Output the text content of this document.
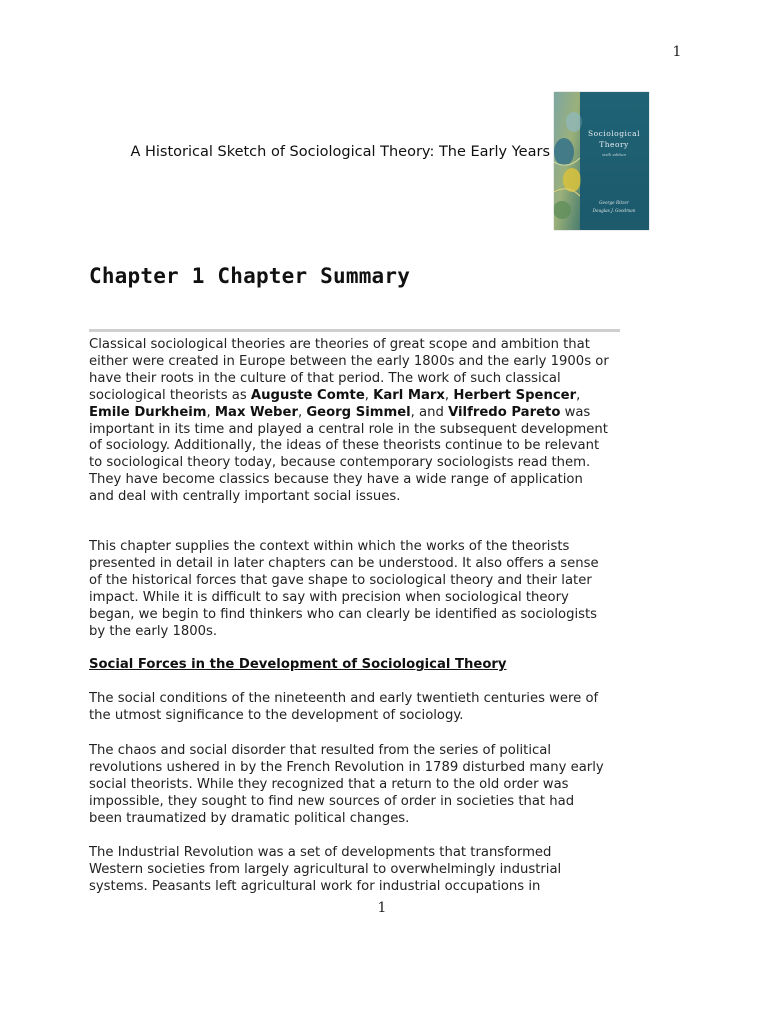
1
A Historical Sketch of Sociological Theory: The Early Years
Sociological
Theory
sixth edition
George Ritzer
Douglas J. Goodman
Chapter 1 Chapter Summary

Classical sociological theories are theories of great scope and ambition that either were created in Europe between the early 1800s and the early 1900s or have their roots in the culture of that period. The work of such classical sociological theorists as Auguste Comte, Karl Marx, Herbert Spencer, Emile Durkheim, Max Weber, Georg Simmel, and Vilfredo Pareto was important in its time and played a central role in the subsequent development of sociology. Additionally, the ideas of these theorists continue to be relevant to sociological theory today, because contemporary sociologists read them. They have become classics because they have a wide range of application and deal with centrally important social issues.

This chapter supplies the context within which the works of the theorists presented in detail in later chapters can be understood. It also offers a sense of the historical forces that gave shape to sociological theory and their later impact. While it is difficult to say with precision when sociological theory began, we begin to find thinkers who can clearly be identified as sociologists by the early 1800s.

Social Forces in the Development of Sociological Theory

The social conditions of the nineteenth and early twentieth centuries were of the utmost significance to the development of sociology.

The chaos and social disorder that resulted from the series of political revolutions ushered in by the French Revolution in 1789 disturbed many early social theorists. While they recognized that a return to the old order was impossible, they sought to find new sources of order in societies that had been traumatized by dramatic political changes.

The Industrial Revolution was a set of developments that transformed Western societies from largely agricultural to overwhelmingly industrial systems. Peasants left agricultural work for industrial occupations in

1
